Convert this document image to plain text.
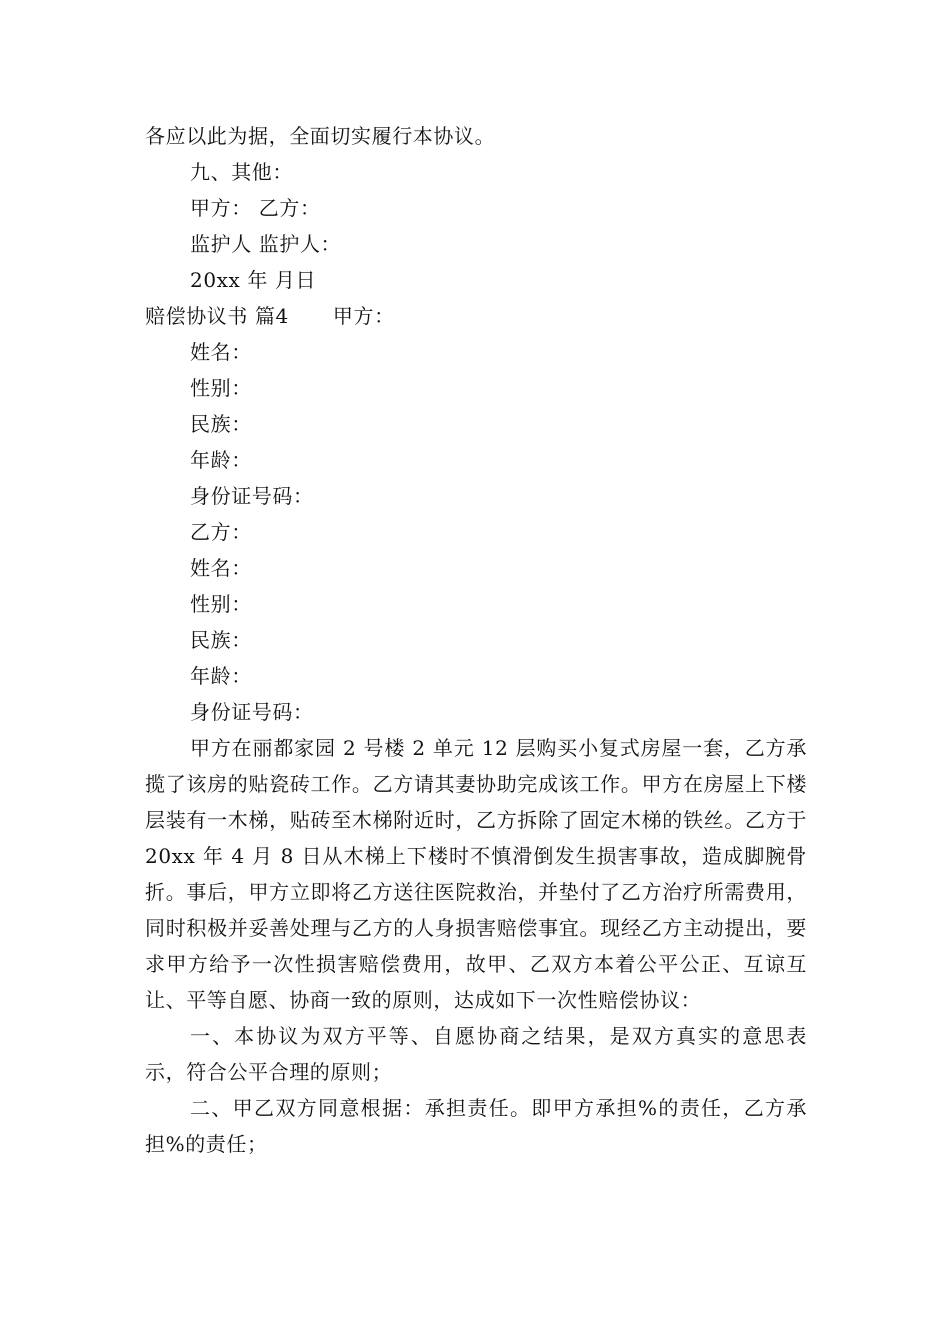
各应以此为据，全面切实履行本协议。
九、其他：
甲方： 乙方：
监护人 监护人：
20xx 年 月日
赔偿协议书 篇4 甲方：
姓名：
性别：
民族：
年龄：
身份证号码：
乙方：
姓名：
性别：
民族：
年龄：
身份证号码：
甲方在丽都家园 2 号楼 2 单元 12 层购买小复式房屋一套，乙方承揽了该房的贴瓷砖工作。乙方请其妻协助完成该工作。甲方在房屋上下楼层装有一木梯，贴砖至木梯附近时，乙方拆除了固定木梯的铁丝。乙方于 20xx 年 4 月 8 日从木梯上下楼时不慎滑倒发生损害事故，造成脚腕骨折。事后，甲方立即将乙方送往医院救治，并垫付了乙方治疗所需费用，同时积极并妥善处理与乙方的人身损害赔偿事宜。现经乙方主动提出，要求甲方给予一次性损害赔偿费用，故甲、乙双方本着公平公正、互谅互让、平等自愿、协商一致的原则，达成如下一次性赔偿协议：
一、本协议为双方平等、自愿协商之结果，是双方真实的意思表示，符合公平合理的原则；
二、甲乙双方同意根据：承担责任。即甲方承担%的责任，乙方承担%的责任；
